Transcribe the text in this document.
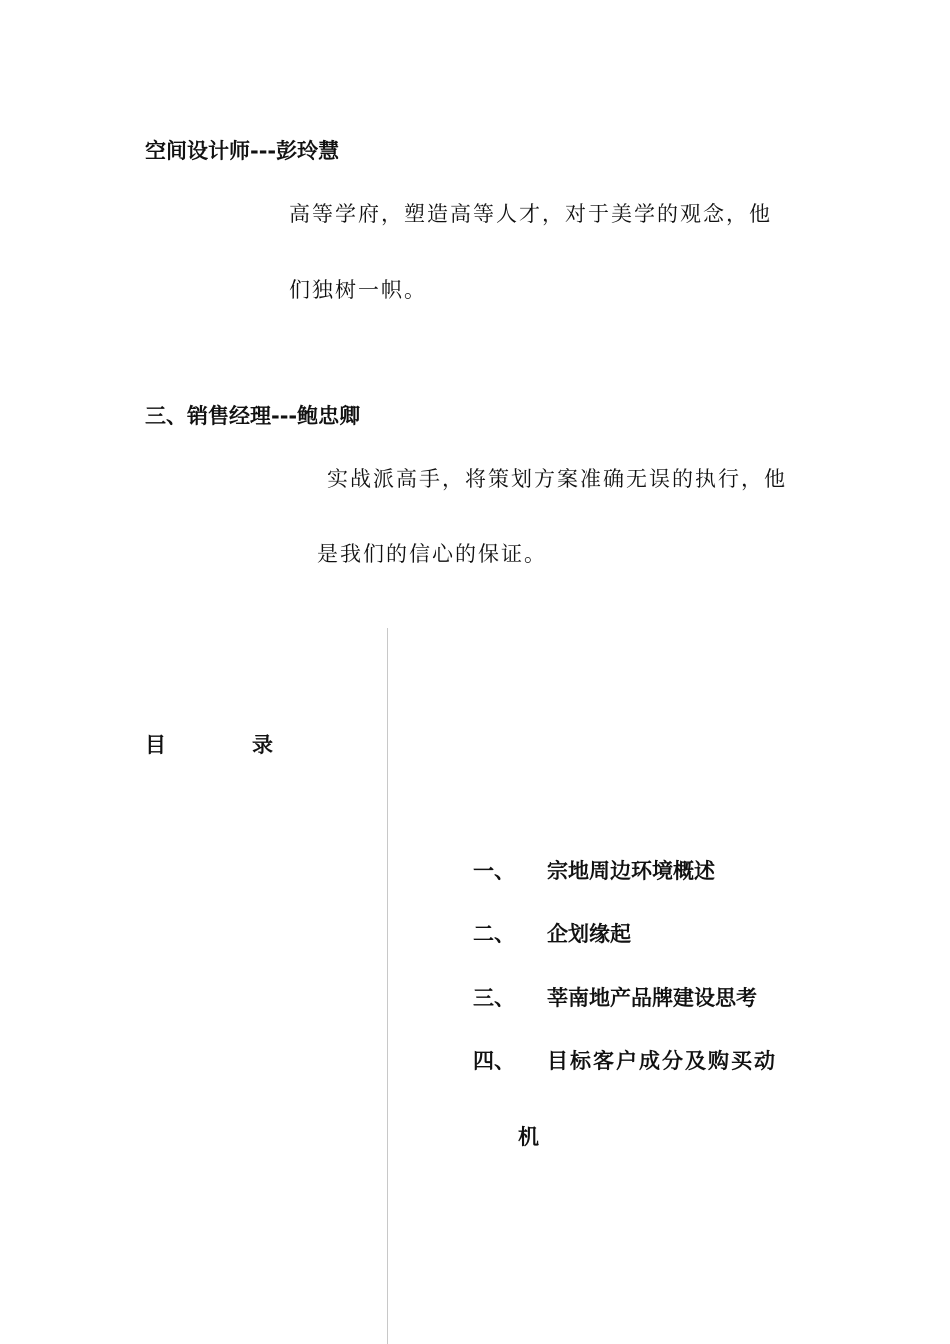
空间设计师---彭玲慧
高等学府，塑造高等人才，对于美学的观念，他
们独树一帜。
三、销售经理---鲍忠卿
实战派高手，将策划方案准确无误的执行，他
是我们的信心的保证。
目	录
一、 宗地周边环境概述
二、 企划缘起
三、 莘南地产品牌建设思考
四、 目标客户成分及购买动
机
